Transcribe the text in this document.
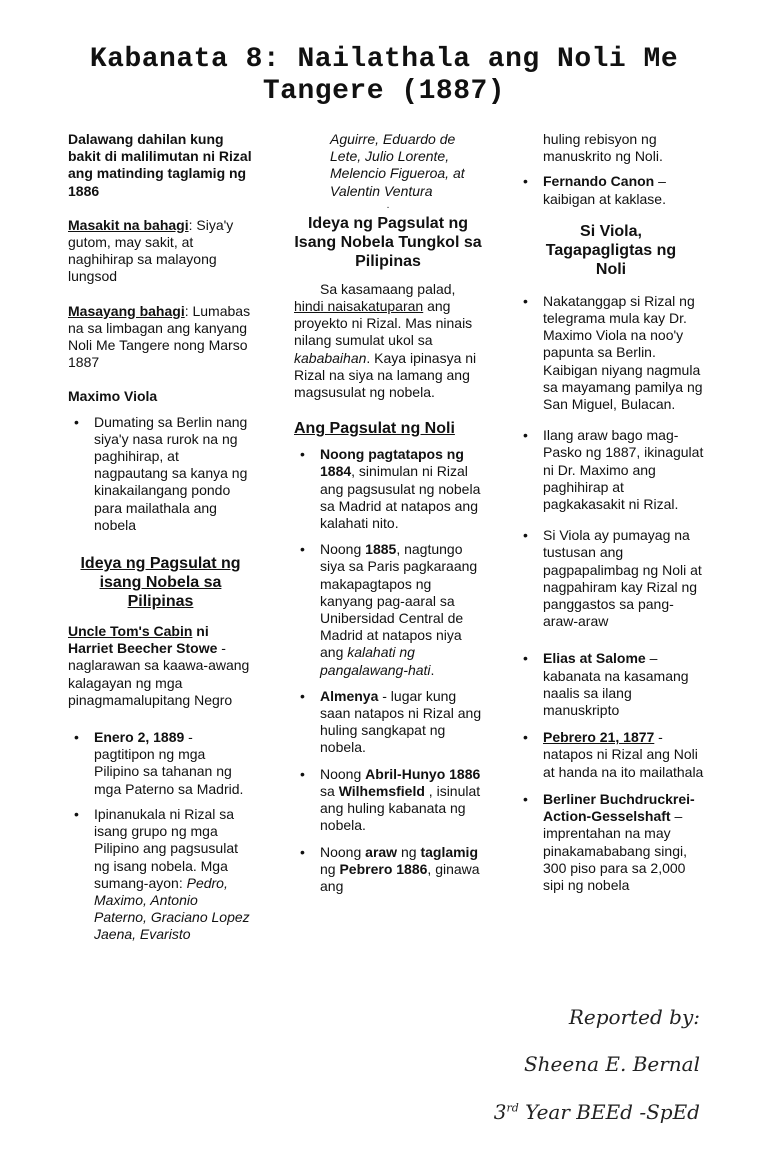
Kabanata 8: Nailathala ang Noli Me Tangere (1887)

Dalawang dahilan kung bakit di malilimutan ni Rizal ang matinding taglamig ng 1886

Masakit na bahagi: Siya'y gutom, may sakit, at naghihirap sa malayong lungsod

Masayang bahagi: Lumabas na sa limbagan ang kanyang Noli Me Tangere nong Marso 1887

Maximo Viola

• Dumating sa Berlin nang siya'y nasa rurok na ng paghihirap, at nagpautang sa kanya ng kinakailangang pondo para mailathala ang nobela
Ideya ng Pagsulat ng isang Nobela sa Pilipinas

Uncle Tom's Cabin ni Harriet Beecher Stowe - naglarawan sa kaawa-awang kalagayan ng mga pinagmamalupitang Negro

• Enero 2, 1889 - pagtitipon ng mga Pilipino sa tahanan ng mga Paterno sa Madrid.
• Ipinanukala ni Rizal sa isang grupo ng mga Pilipino ang pagsusulat ng isang nobela. Mga sumang-ayon: Pedro, Maximo, Antonio Paterno, Graciano Lopez Jaena, Evaristo

Aguirre, Eduardo de Lete, Julio Lorente, Melencio Figueroa, at Valentin Ventura

.

Ideya ng Pagsulat ng Isang Nobela Tungkol sa Pilipinas

Sa kasamaang palad, hindi naisakatuparan ang proyekto ni Rizal. Mas ninais nilang sumulat ukol sa kababaihan. Kaya ipinasya ni Rizal na siya na lamang ang magsusulat ng nobela.

Ang Pagsulat ng Noli
• Noong pagtatapos ng 1884, sinimulan ni Rizal ang pagsusulat ng nobela sa Madrid at natapos ang kalahati nito.
• Noong 1885, nagtungo siya sa Paris pagkaraang makapagtapos ng kanyang pag-aaral sa Unibersidad Central de Madrid at natapos niya ang kalahati ng pangalawang-hati.
• Almenya - lugar kung saan natapos ni Rizal ang huling sangkapat ng nobela.
• Noong Abril-Hunyo 1886 sa Wilhemsfield , isinulat ang huling kabanata ng nobela.
• Noong araw ng taglamig ng Pebrero 1886, ginawa ang

huling rebisyon ng manuskrito ng Noli.

• Fernando Canon – kaibigan at kaklase.
Si Viola, Tagapagligtas ng Noli
• Nakatanggap si Rizal ng telegrama mula kay Dr. Maximo Viola na noo'y papunta sa Berlin. Kaibigan niyang nagmula sa mayamang pamilya ng San Miguel, Bulacan.
• Ilang araw bago mag-Pasko ng 1887, ikinagulat ni Dr. Maximo ang paghihirap at pagkakasakit ni Rizal.
• Si Viola ay pumayag na tustusan ang pagpapalimbag ng Noli at nagpahiram kay Rizal ng panggastos sa pang-araw-araw
• Elias at Salome – kabanata na kasamang naalis sa ilang manuskripto
• Pebrero 21, 1877 - natapos ni Rizal ang Noli at handa na ito mailathala
• Berliner Buchdruckrei-Action-Gesselshaft – imprentahan na may pinakamababang singi, 300 piso para sa 2,000 sipi ng nobela
Reported by:
Sheena E. Bernal
3rd Year BEEd -SpEd
